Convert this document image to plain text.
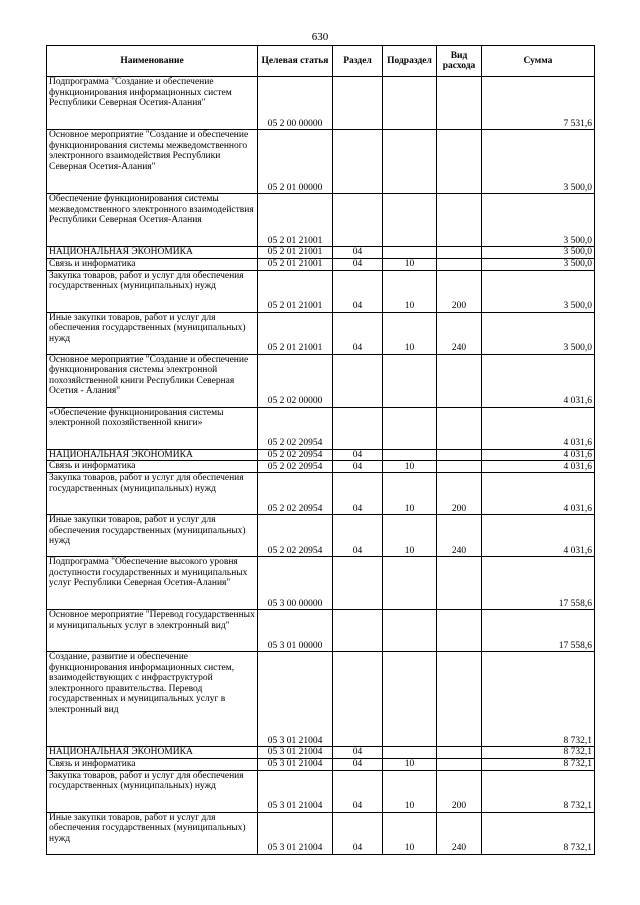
630
Наименование	Целевая статья	Раздел	Подраздел	Вид расхода	Сумма
Подпрограмма "Создание и обеспечение функционирования информационных систем Республики Северная Осетия-Алания"	05 2 00 00000				7 531,6
Основное мероприятие "Создание и обеспечение функционирования системы межведомственного электронного взаимодействия Республики Северная Осетия-Алания"	05 2 01 00000				3 500,0
Обеспечение функционирования системы межведомственного электронного взаимодействия Республики Северная Осетия-Алания	05 2 01 21001				3 500,0
НАЦИОНАЛЬНАЯ ЭКОНОМИКА	05 2 01 21001	04			3 500,0
Связь и информатика	05 2 01 21001	04	10		3 500,0
Закупка товаров, работ и услуг для обеспечения государственных (муниципальных) нужд	05 2 01 21001	04	10	200	3 500,0
Иные закупки товаров, работ и услуг для обеспечения государственных (муниципальных) нужд	05 2 01 21001	04	10	240	3 500,0
Основное мероприятие "Создание и обеспечение функционирования системы электронной похозяйственной книги Республики Северная Осетия - Алания"	05 2 02 00000				4 031,6
«Обеспечение функционирования системы электронной похозяйственной книги»	05 2 02 20954				4 031,6
НАЦИОНАЛЬНАЯ ЭКОНОМИКА	05 2 02 20954	04			4 031,6
Связь и информатика	05 2 02 20954	04	10		4 031,6
Закупка товаров, работ и услуг для обеспечения государственных (муниципальных) нужд	05 2 02 20954	04	10	200	4 031,6
Иные закупки товаров, работ и услуг для обеспечения государственных (муниципальных) нужд	05 2 02 20954	04	10	240	4 031,6
Подпрограмма "Обеспечение высокого уровня доступности государственных и муниципальных услуг Республики Северная Осетия-Алания"	05 3 00 00000				17 558,6
Основное мероприятие "Перевод государственных и муниципальных услуг в электронный вид"	05 3 01 00000				17 558,6
Создание, развитие и обеспечение функционирования информационных систем, взаимодействующих с инфраструктурой электронного правительства. Перевод государственных и муниципальных услуг в электронный вид	05 3 01 21004				8 732,1
НАЦИОНАЛЬНАЯ ЭКОНОМИКА	05 3 01 21004	04			8 732,1
Связь и информатика	05 3 01 21004	04	10		8 732,1
Закупка товаров, работ и услуг для обеспечения государственных (муниципальных) нужд	05 3 01 21004	04	10	200	8 732,1
Иные закупки товаров, работ и услуг для обеспечения государственных (муниципальных) нужд	05 3 01 21004	04	10	240	8 732,1
